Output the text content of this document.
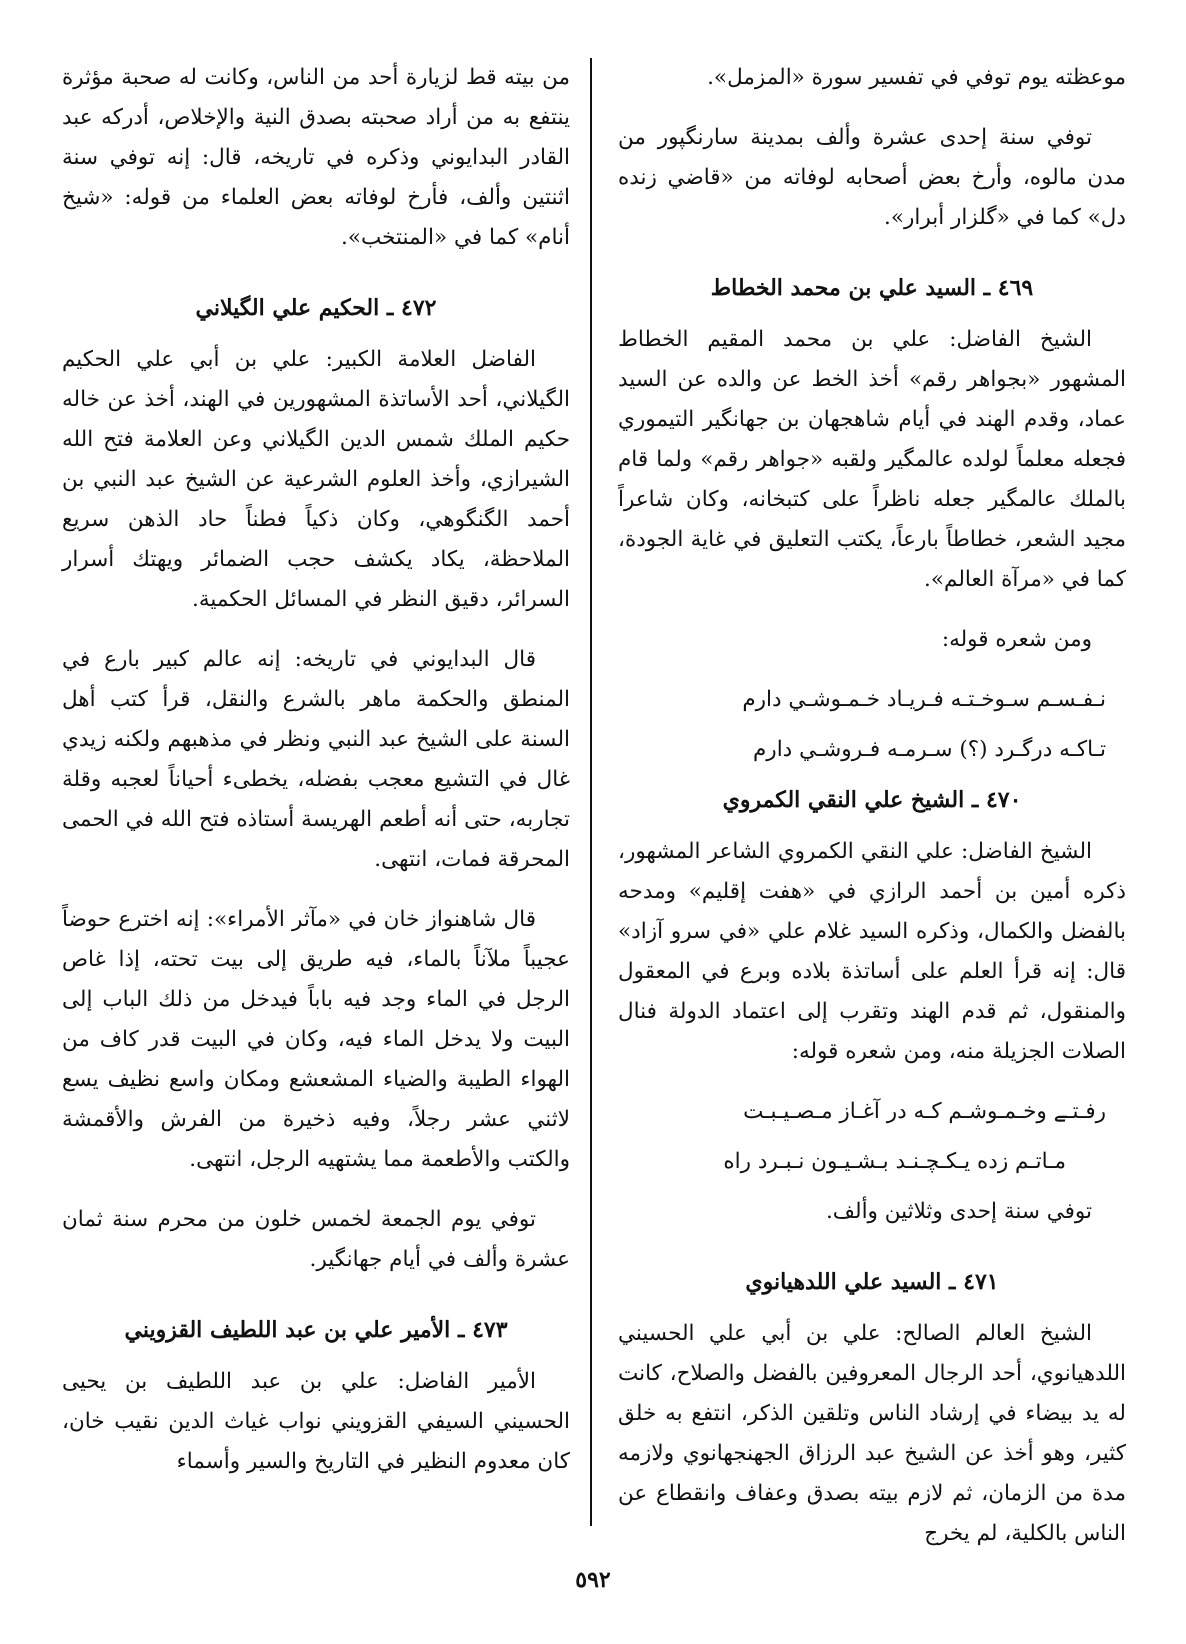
موعظته يوم توفي في تفسير سورة «المزمل».

توفي سنة إحدى عشرة وألف بمدينة سارنگپور من مدن مالوه، وأرخ بعض أصحابه لوفاته من «قاضي زنده دل» كما في «گلزار أبرار».

٤٦٩ ـ السيد علي بن محمد الخطاط

الشيخ الفاضل: علي بن محمد المقيم الخطاط المشهور «بجواهر رقم» أخذ الخط عن والده عن السيد عماد، وقدم الهند في أيام شاهجهان بن جهانگير التيموري فجعله معلماً لولده عالمگير ولقبه «جواهر رقم» ولما قام بالملك عالمگير جعله ناظراً على كتبخانه، وكان شاعراً مجيد الشعر، خطاطاً بارعاً، يكتب التعليق في غاية الجودة، كما في «مرآة العالم».

ومن شعره قوله:

نـفـسـم سـوخـتـه فـريـاد خـمـوشـي دارم

تـاكـه درگـرد (؟) سـرمـه فـروشـي دارم

٤٧٠ ـ الشيخ علي النقي الكمروي

الشيخ الفاضل: علي النقي الكمروي الشاعر المشهور، ذكره أمين بن أحمد الرازي في «هفت إقليم» ومدحه بالفضل والكمال، وذكره السيد غلام علي «في سرو آزاد» قال: إنه قرأ العلم على أساتذة بلاده وبرع في المعقول والمنقول، ثم قدم الهند وتقرب إلى اعتماد الدولة فنال الصلات الجزيلة منه، ومن شعره قوله:

رفـتـے وخـمـوشـم كـه در آغـاز مـصـيـبـت

مـاتـم زده يـكـچـنـد بـشـيـون نـبـرد راه

توفي سنة إحدى وثلاثين وألف.

٤٧١ ـ السيد علي اللدهيانوي

الشيخ العالم الصالح: علي بن أبي علي الحسيني اللدهيانوي، أحد الرجال المعروفين بالفضل والصلاح، كانت له يد بيضاء في إرشاد الناس وتلقين الذكر، انتفع به خلق كثير، وهو أخذ عن الشيخ عبد الرزاق الجهنجهانوي ولازمه مدة من الزمان، ثم لازم بيته بصدق وعفاف وانقطاع عن الناس بالكلية، لم يخرج

من بيته قط لزيارة أحد من الناس، وكانت له صحبة مؤثرة ينتفع به من أراد صحبته بصدق النية والإخلاص، أدركه عبد القادر البدايوني وذكره في تاريخه، قال: إنه توفي سنة اثنتين وألف، فأرخ لوفاته بعض العلماء من قوله: «شيخ أنام» كما في «المنتخب».

٤٧٢ ـ الحكيم علي الگيلاني

الفاضل العلامة الكبير: علي بن أبي علي الحكيم الگيلاني، أحد الأساتذة المشهورين في الهند، أخذ عن خاله حكيم الملك شمس الدين الگيلاني وعن العلامة فتح الله الشيرازي، وأخذ العلوم الشرعية عن الشيخ عبد النبي بن أحمد الگنگوهي، وكان ذكياً فطناً حاد الذهن سريع الملاحظة، يكاد يكشف حجب الضمائر ويهتك أسرار السرائر، دقيق النظر في المسائل الحكمية.

قال البدايوني في تاريخه: إنه عالم كبير بارع في المنطق والحكمة ماهر بالشرع والنقل، قرأ كتب أهل السنة على الشيخ عبد النبي ونظر في مذهبهم ولكنه زيدي غال في التشيع معجب بفضله، يخطىء أحياناً لعجبه وقلة تجاربه، حتى أنه أطعم الهريسة أستاذه فتح الله في الحمى المحرقة فمات، انتهى.

قال شاهنواز خان في «مآثر الأمراء»: إنه اخترع حوضاً عجيباً ملآناً بالماء، فيه طريق إلى بيت تحته، إذا غاص الرجل في الماء وجد فيه باباً فيدخل من ذلك الباب إلى البيت ولا يدخل الماء فيه، وكان في البيت قدر كاف من الهواء الطيبة والضياء المشعشع ومكان واسع نظيف يسع لاثني عشر رجلاً، وفيه ذخيرة من الفرش والأقمشة والكتب والأطعمة مما يشتهيه الرجل، انتهى.

توفي يوم الجمعة لخمس خلون من محرم سنة ثمان عشرة وألف في أيام جهانگير.

٤٧٣ ـ الأمير علي بن عبد اللطيف القزويني

الأمير الفاضل: علي بن عبد اللطيف بن يحيى الحسيني السيفي القزويني نواب غياث الدين نقيب خان، كان معدوم النظير في التاريخ والسير وأسماء

٥٩٢
